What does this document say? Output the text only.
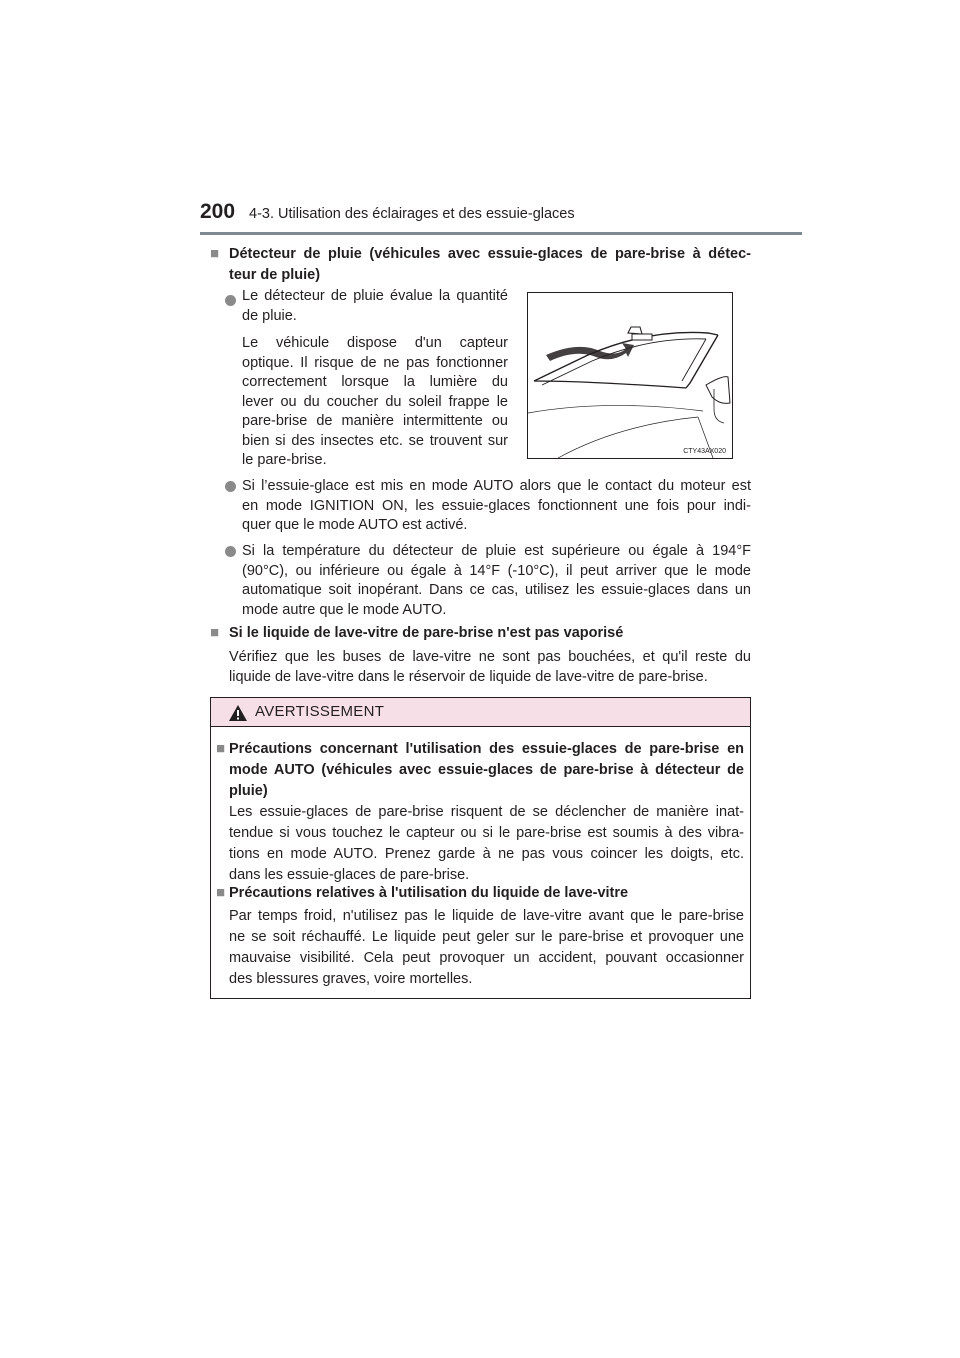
200 4-3. Utilisation des éclairages et des essuie-glaces
■ Détecteur de pluie (véhicules avec essuie-glaces de pare-brise à détec-
teur de pluie)
Le détecteur de pluie évalue la quantité
de pluie.
Le véhicule dispose d'un capteur
optique. Il risque de ne pas fonctionner
correctement lorsque la lumière du
lever ou du coucher du soleil frappe le
pare-brise de manière intermittente ou
bien si des insectes etc. se trouvent sur
le pare-brise.
CTY43AX020
Si l’essuie-glace est mis en mode AUTO alors que le contact du moteur est
en mode IGNITION ON, les essuie-glaces fonctionnent une fois pour indi-
quer que le mode AUTO est activé.
Si la température du détecteur de pluie est supérieure ou égale à 194°F
(90°C), ou inférieure ou égale à 14°F (-10°C), il peut arriver que le mode
automatique soit inopérant. Dans ce cas, utilisez les essuie-glaces dans un
mode autre que le mode AUTO.
■ Si le liquide de lave-vitre de pare-brise n'est pas vaporisé
Vérifiez que les buses de lave-vitre ne sont pas bouchées, et qu'il reste du
liquide de lave-vitre dans le réservoir de liquide de lave-vitre de pare-brise.
AVERTISSEMENT
■ Précautions concernant l'utilisation des essuie-glaces de pare-brise en
mode AUTO (véhicules avec essuie-glaces de pare-brise à détecteur de
pluie)
Les essuie-glaces de pare-brise risquent de se déclencher de manière inat-
tendue si vous touchez le capteur ou si le pare-brise est soumis à des vibra-
tions en mode AUTO. Prenez garde à ne pas vous coincer les doigts, etc.
dans les essuie-glaces de pare-brise.
■ Précautions relatives à l'utilisation du liquide de lave-vitre
Par temps froid, n'utilisez pas le liquide de lave-vitre avant que le pare-brise
ne se soit réchauffé. Le liquide peut geler sur le pare-brise et provoquer une
mauvaise visibilité. Cela peut provoquer un accident, pouvant occasionner
des blessures graves, voire mortelles.
